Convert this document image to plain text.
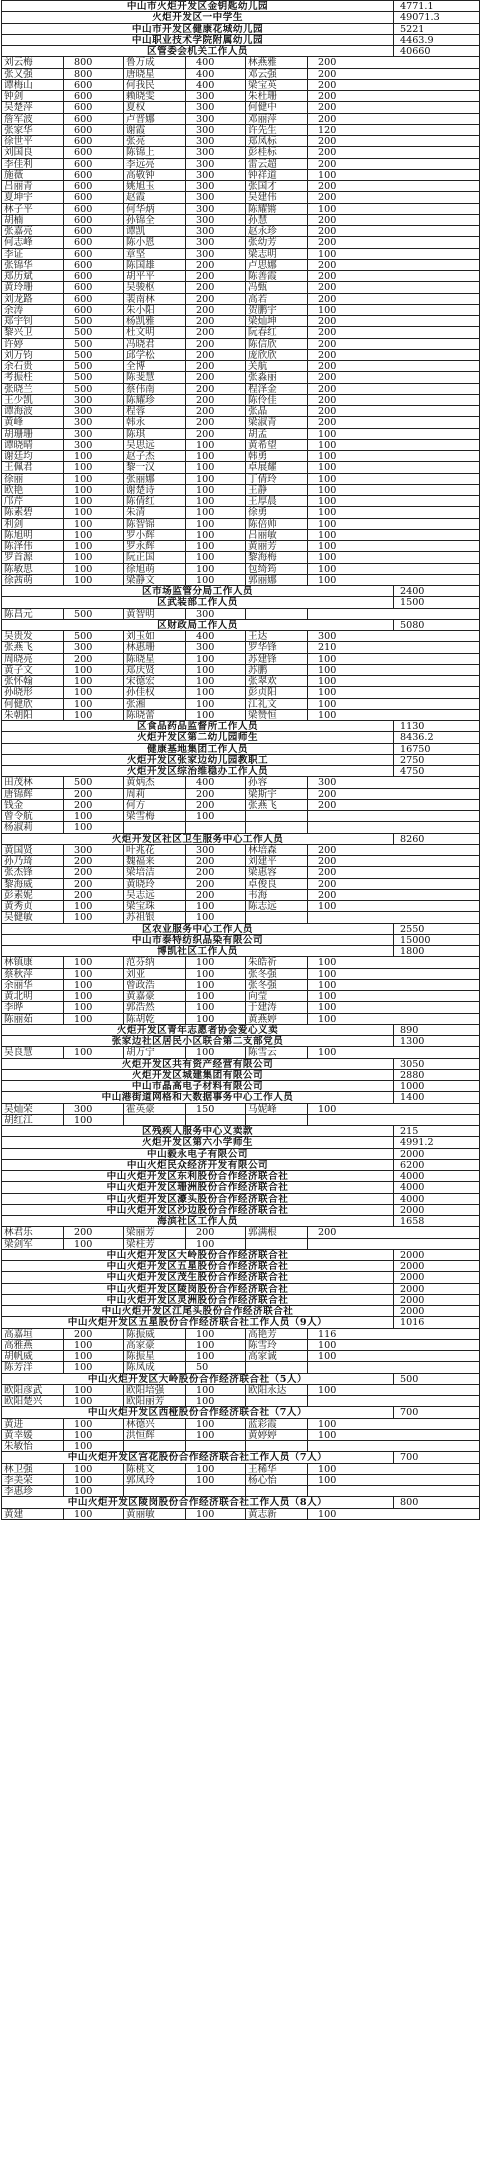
中山市火炬开发区金钥匙幼儿园	4771.1
火炬开发区一中学生	49071.3
中山市开发区健康花城幼儿园	5221
中山职业技术学院附属幼儿园	4463.9
区管委会机关工作人员	40660
刘云梅	800	鲁万成	400	林燕雅	200
张又强	800	唐晓星	400	邓云强	200
谭梅山	600	何我民	400	梁宝英	200
钟剑	600	赖晓雯	300	朱杜珊	200
吴楚萍	600	夏权	300	何健中	200
詹军波	600	卢晋娜	300	邓丽萍	200
张家华	600	谢霞	300	许先生	120
徐世平	600	张亮	300	郑凤标	200
刘国良	600	陈锦上	300	彭桂标	200
李佳利	600	李远亮	300	雷云超	200
施薇	600	高敬钟	300	钟祥道	100
吕丽青	600	姚旭玉	300	张国才	200
夏坤宇	600	赵霞	300	吴建伟	200
林子平	600	何华炳	300	陈耀锵	100
胡楠	600	孙锦全	300	孙慧	200
张嘉亮	600	谭凯	300	赵永珍	200
何志峰	600	陈小恩	300	张幼芳	200
李证	600	章坚	300	梁志明	100
张锦华	600	陈国雄	200	卢思娜	200
郑历斌	600	胡平平	200	陈善霞	200
黄玲珊	600	吴骏枢	200	冯甄	200
刘龙路	600	裴南林	200	高若	200
余涛	600	朱小阳	200	贺鹏宇	100
郑宇钊	500	杨凯雅	200	梁灿坤	200
黎兴卫	500	杜文明	200	阮春红	200
许婷	500	冯晓君	200	陈信欣	200
刘万钧	500	邱学松	200	庞欣欣	200
余石贵	500	全博	200	关航	200
考振柱	500	陈斐慧	200	张淼丽	200
张晓兰	500	蔡伟南	200	程泽金	200
王少凯	300	陈耀珍	200	陈伶佳	200
谭海波	300	程蓉	200	张晶	200
黄峰	300	韩永	200	梁淑青	200
胡珊珊	300	陈琪	200	胡孟	100
谭晓晴	300	吴思远	100	黄希望	100
谢廷均	100	赵子杰	100	韩勇	100
王佩君	100	黎一汉	100	卓展耀	100
徐丽	100	张丽娜	100	丁倩玲	100
欧艳	100	谢楚诗	100	王静	100
邝芹	100	陈倩红	100	王厚晨	100
陈素碧	100	朱清	100	徐勇	100
利剑	100	陈智锦	100	陈倍帅	100
陈旭明	100	罗小辉	100	吕丽敏	100
陈泽伟	100	罗永辉	100	黄丽芳	100
罗首源	100	阮正国	100	黎海梅	100
陈敏思	100	徐旭萌	100	包绮筠	100
徐茜萌	100	梁静文	100	郭丽娜	100
区市场监管分局工作人员	2400
区武装部工作人员	1500
陈昌元	500	黄智明	300
区财政局工作人员	5080
吴贵发	500	刘玉如	400	王达	300
张燕飞	300	林惠珊	300	罗华锋	210
周晓亮	200	陈晓星	100	苏建锋	100
黄子文	100	郑庆贤	100	苏鹏	100
张怀翰	100	宋德宏	100	张翠欢	100
孙晓形	100	孙佳权	100	彭贞阳	100
何健欣	100	张湘	100	江礼文	100
朱朝阳	100	陈晓蕾	100	梁赞恒	100
区食品药品监督所工作人员	1130
火炬开发区第二幼儿园师生	8436.2
健康基地集团工作人员	16750
火炬开发区张家边幼儿园教职工	2750
火炬开发区综治维稳办工作人员	4750
田茂林	500	黄炳杰	400	孙容	300
唐锦辉	200	周莉	200	梁斯宇	200
钱金	200	何方	200	张燕飞	200
曾令航	100	梁雪梅	100
杨淑莉	100
火炬开发区社区卫生服务中心工作人员	8260
黄国贤	300	叶兆花	300	林培森	200
孙乃琦	200	魏福来	200	刘建平	200
张杰锋	200	梁培洁	200	梁惠容	200
黎海威	200	黄晓玲	200	卓俊良	200
彭素妮	200	吴志远	200	韦海	200
黄秀贞	100	梁宝珠	100	陈志远	100
吴健敏	100	苏祖银	100
区农业服务中心工作人员	2550
中山市泰特纺织品染有限公司	15000
博凯社区工作人员	1800
林镇康	100	范芬纳	100	朱皓祈	100
蔡秋萍	100	刘亚	100	张冬强	100
余丽华	100	曾政浩	100	张冬强	100
黄北明	100	黄嘉豪	100	向莹	100
李晔	100	郭浩然	100	于建涛	100
陈丽茹	100	陈胡乾	100	黄燕婷	100
火炬开发区青年志愿者协会爱心义卖	890
张家边社区居民小区联合第二支部党员	1300
吴良慧	100	胡万宁	100	陈雪云	100
火炬开发区共有资产经营有限公司	3050
火炬开发区城建集团有限公司	2880
中山市晶高电子材料有限公司	1000
中山港街道网格和大数据事务中心工作人员	1400
吴灿荣	300	霍英豪	150	马妮峰	100
胡红江	100
区残疾人服务中心义卖款	215
火炬开发区第六小学师生	4991.2
中山毅永电子有限公司	2000
中山火炬民众经济开发有限公司	6200
中山火炬开发区东利股份合作经济联合社	4000
中山火炬开发区珊洲股份合作经济联合社	4000
中山火炬开发区濠头股份合作经济联合社	4000
中山火炬开发区沙边股份合作经济联合社	2000
海滨社区工作人员	1658
林君乐	200	梁丽芳	200	郭满根	200
梁剑军	100	梁柱芳	100
中山火炬开发区大岭股份合作经济联合社	2000
中山火炬开发区五星股份合作经济联合社	2000
中山火炬开发区茂生股份合作经济联合社	2000
中山火炬开发区陵岗股份合作经济联合社	2000
中山火炬开发区灵洲股份合作经济联合社	2000
中山火炬开发区江尾头股份合作经济联合社	2000
中山火炬开发区五星股份合作经济联合社工作人员（9人）	1016
高嘉垣	200	陈振威	100	高艳芳	116
高雅燕	100	高家豪	100	陈雪玲	100
胡帆威	100	陈振星	100	高家诚	100
陈芳洋	100	陈凤成	50
中山火炬开发区大岭股份合作经济联合社（5人）	500
欧阳彦武	100	欧阳培强	100	欧阳永达	100
欧阳楚兴	100	欧阳丽芳	100
中山火炬开发区西桠股份合作经济联合社（7人）	700
黄进	100	林德兴	100	蓝彩霞	100
黄幸媛	100	洪恒辉	100	黄婷婷	100
朱敏怡	100
中山火炬开发区宫花股份合作经济联合社工作人员（7人）	700
林卫强	100	陈桃文	100	王稀华	100
李美荣	100	郭凤玲	100	杨心怡	100
李惠珍	100
中山火炬开发区陵岗股份合作经济联合社工作人员（8人）	800
黄建	100	黄丽敏	100	黄志新	100
